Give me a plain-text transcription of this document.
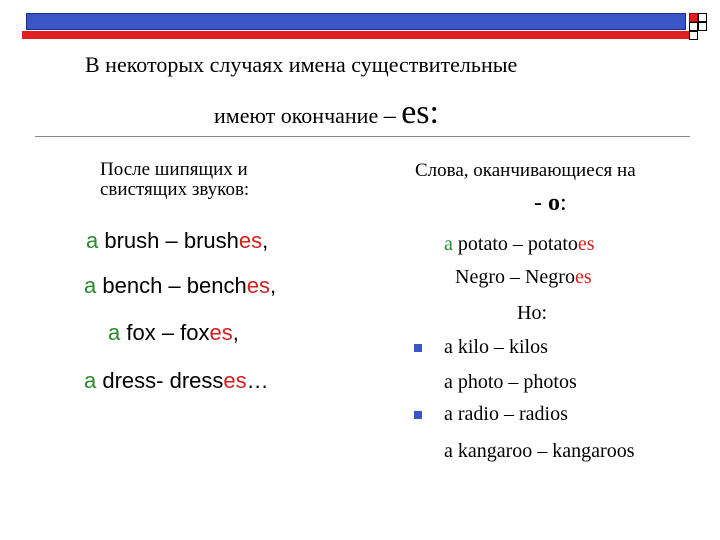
В некоторых случаях имена существительные
имеют окончание – es:
После шипящих и
свистящих звуков:
a brush – brushes,
a bench – benches,
a fox – foxes,
a dress- dresses…
Слова, оканчивающиеся на
- o:
a potato – potatoes
Negro – Negroes
Но:
a kilo – kilos
a photo – photos
a radio – radios
a kangaroo – kangaroos
